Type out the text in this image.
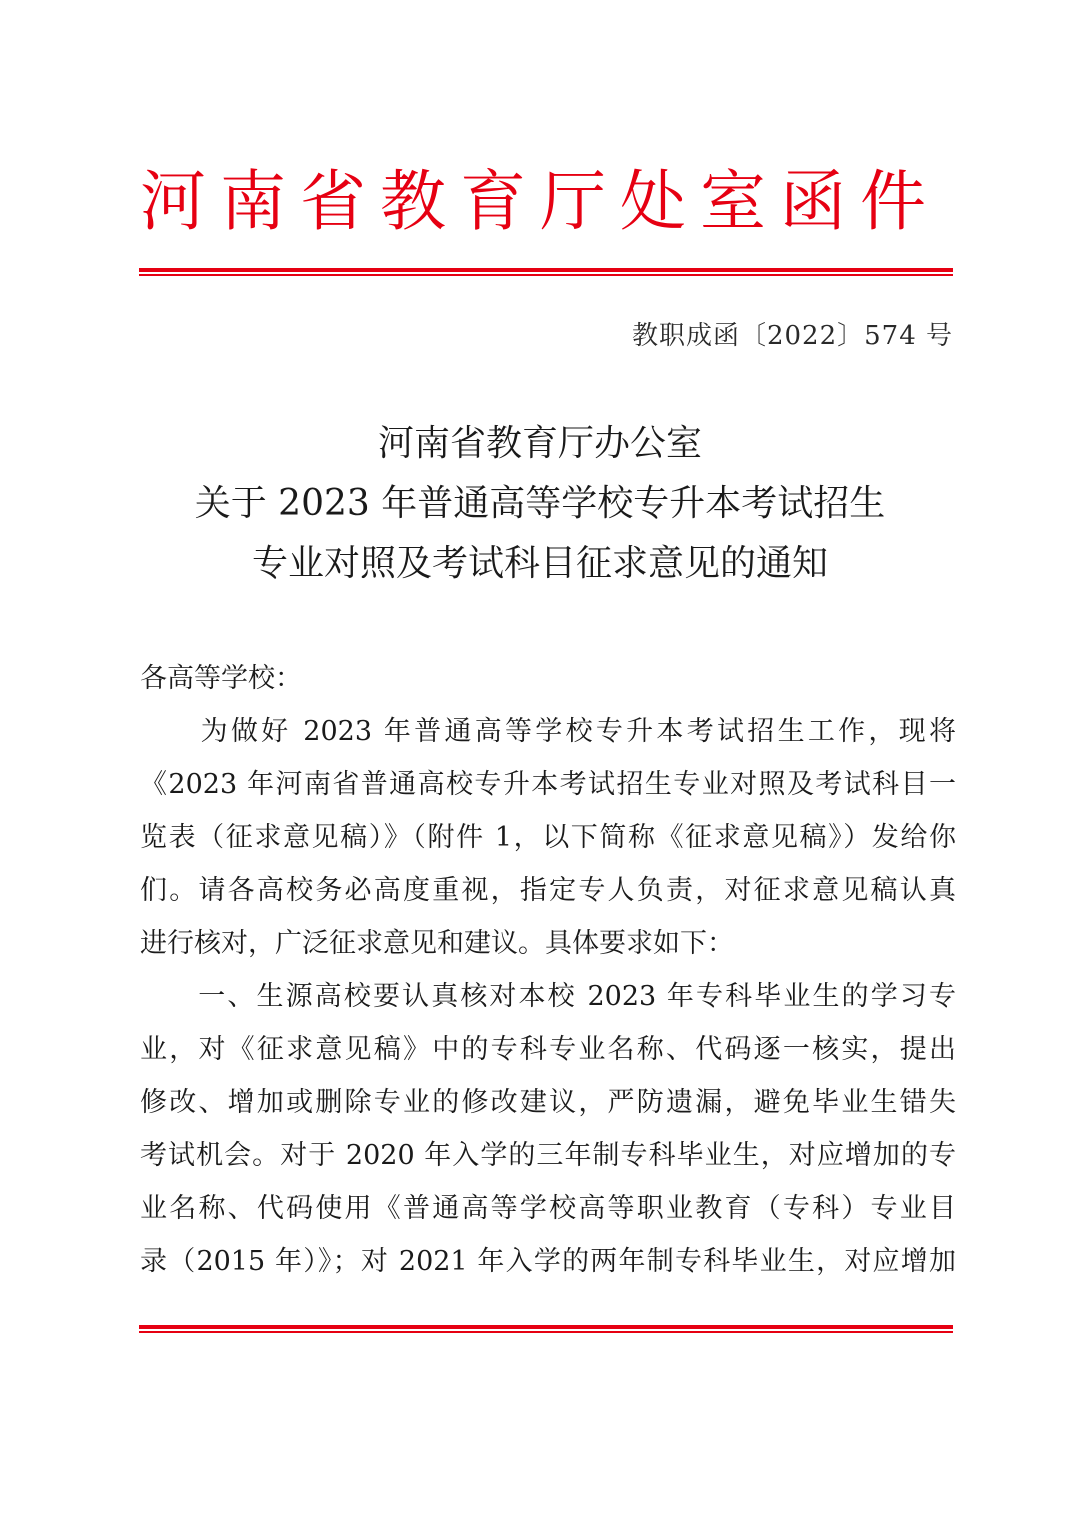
河南省教育厅处室函件
教职成函〔2022〕574 号
河南省教育厅办公室
关于 2023 年普通高等学校专升本考试招生
专业对照及考试科目征求意见的通知
各高等学校：
　　为做好 2023 年普通高等学校专升本考试招生工作，现将
《2023 年河南省普通高校专升本考试招生专业对照及考试科目一
览表（征求意见稿）》（附件 1，以下简称《征求意见稿》）发给你
们。请各高校务必高度重视，指定专人负责，对征求意见稿认真
进行核对，广泛征求意见和建议。具体要求如下：
　　一、生源高校要认真核对本校 2023 年专科毕业生的学习专
业，对《征求意见稿》中的专科专业名称、代码逐一核实，提出
修改、增加或删除专业的修改建议，严防遗漏，避免毕业生错失
考试机会。对于 2020 年入学的三年制专科毕业生，对应增加的专
业名称、代码使用《普通高等学校高等职业教育（专科）专业目
录（2015 年）》；对 2021 年入学的两年制专科毕业生，对应增加
